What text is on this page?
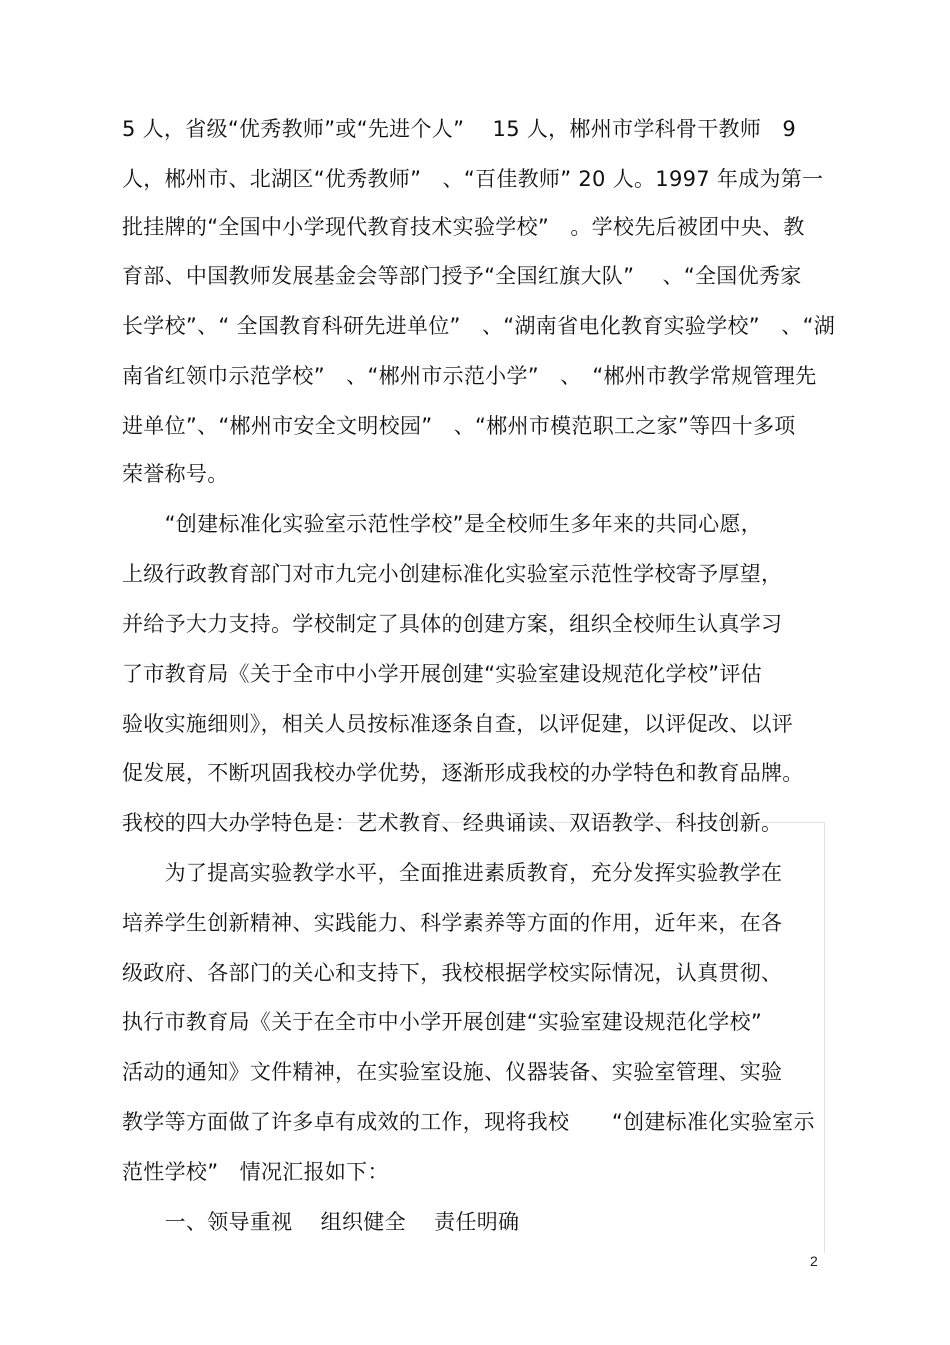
5 人，省级“优秀教师”或“先进个人”　 15 人，郴州市学科骨干教师　9
人，郴州市、北湖区“优秀教师”　、“百佳教师” 20 人。1997 年成为第一
批挂牌的“全国中小学现代教育技术实验学校”　。学校先后被团中央、教
育部、中国教师发展基金会等部门授予“全国红旗大队”　 、“全国优秀家
长学校”、“ 全国教育科研先进单位”　、“湖南省电化教育实验学校”　、“湖
南省红领巾示范学校”　、“郴州市示范小学”　、　“郴州市教学常规管理先
进单位”、“郴州市安全文明校园”　、“郴州市模范职工之家”等四十多项
荣誉称号。
　　“创建标准化实验室示范性学校”是全校师生多年来的共同心愿，
上级行政教育部门对市九完小创建标准化实验室示范性学校寄予厚望，
并给予大力支持。学校制定了具体的创建方案，组织全校师生认真学习
了市教育局《关于全市中小学开展创建“实验室建设规范化学校”评估
验收实施细则》，相关人员按标准逐条自查，以评促建，以评促改、以评
促发展，不断巩固我校办学优势，逐渐形成我校的办学特色和教育品牌。
我校的四大办学特色是：艺术教育、经典诵读、双语教学、科技创新。
　　为了提高实验教学水平，全面推进素质教育，充分发挥实验教学在
培养学生创新精神、实践能力、科学素养等方面的作用，近年来，在各
级政府、各部门的关心和支持下，我校根据学校实际情况，认真贯彻、
执行市教育局《关于在全市中小学开展创建“实验室建设规范化学校”
活动的通知》文件精神，在实验室设施、仪器装备、实验室管理、实验
教学等方面做了许多卓有成效的工作，现将我校　　“创建标准化实验室示
范性学校”　情况汇报如下：
　　一、领导重视　 组织健全　 责任明确
2
